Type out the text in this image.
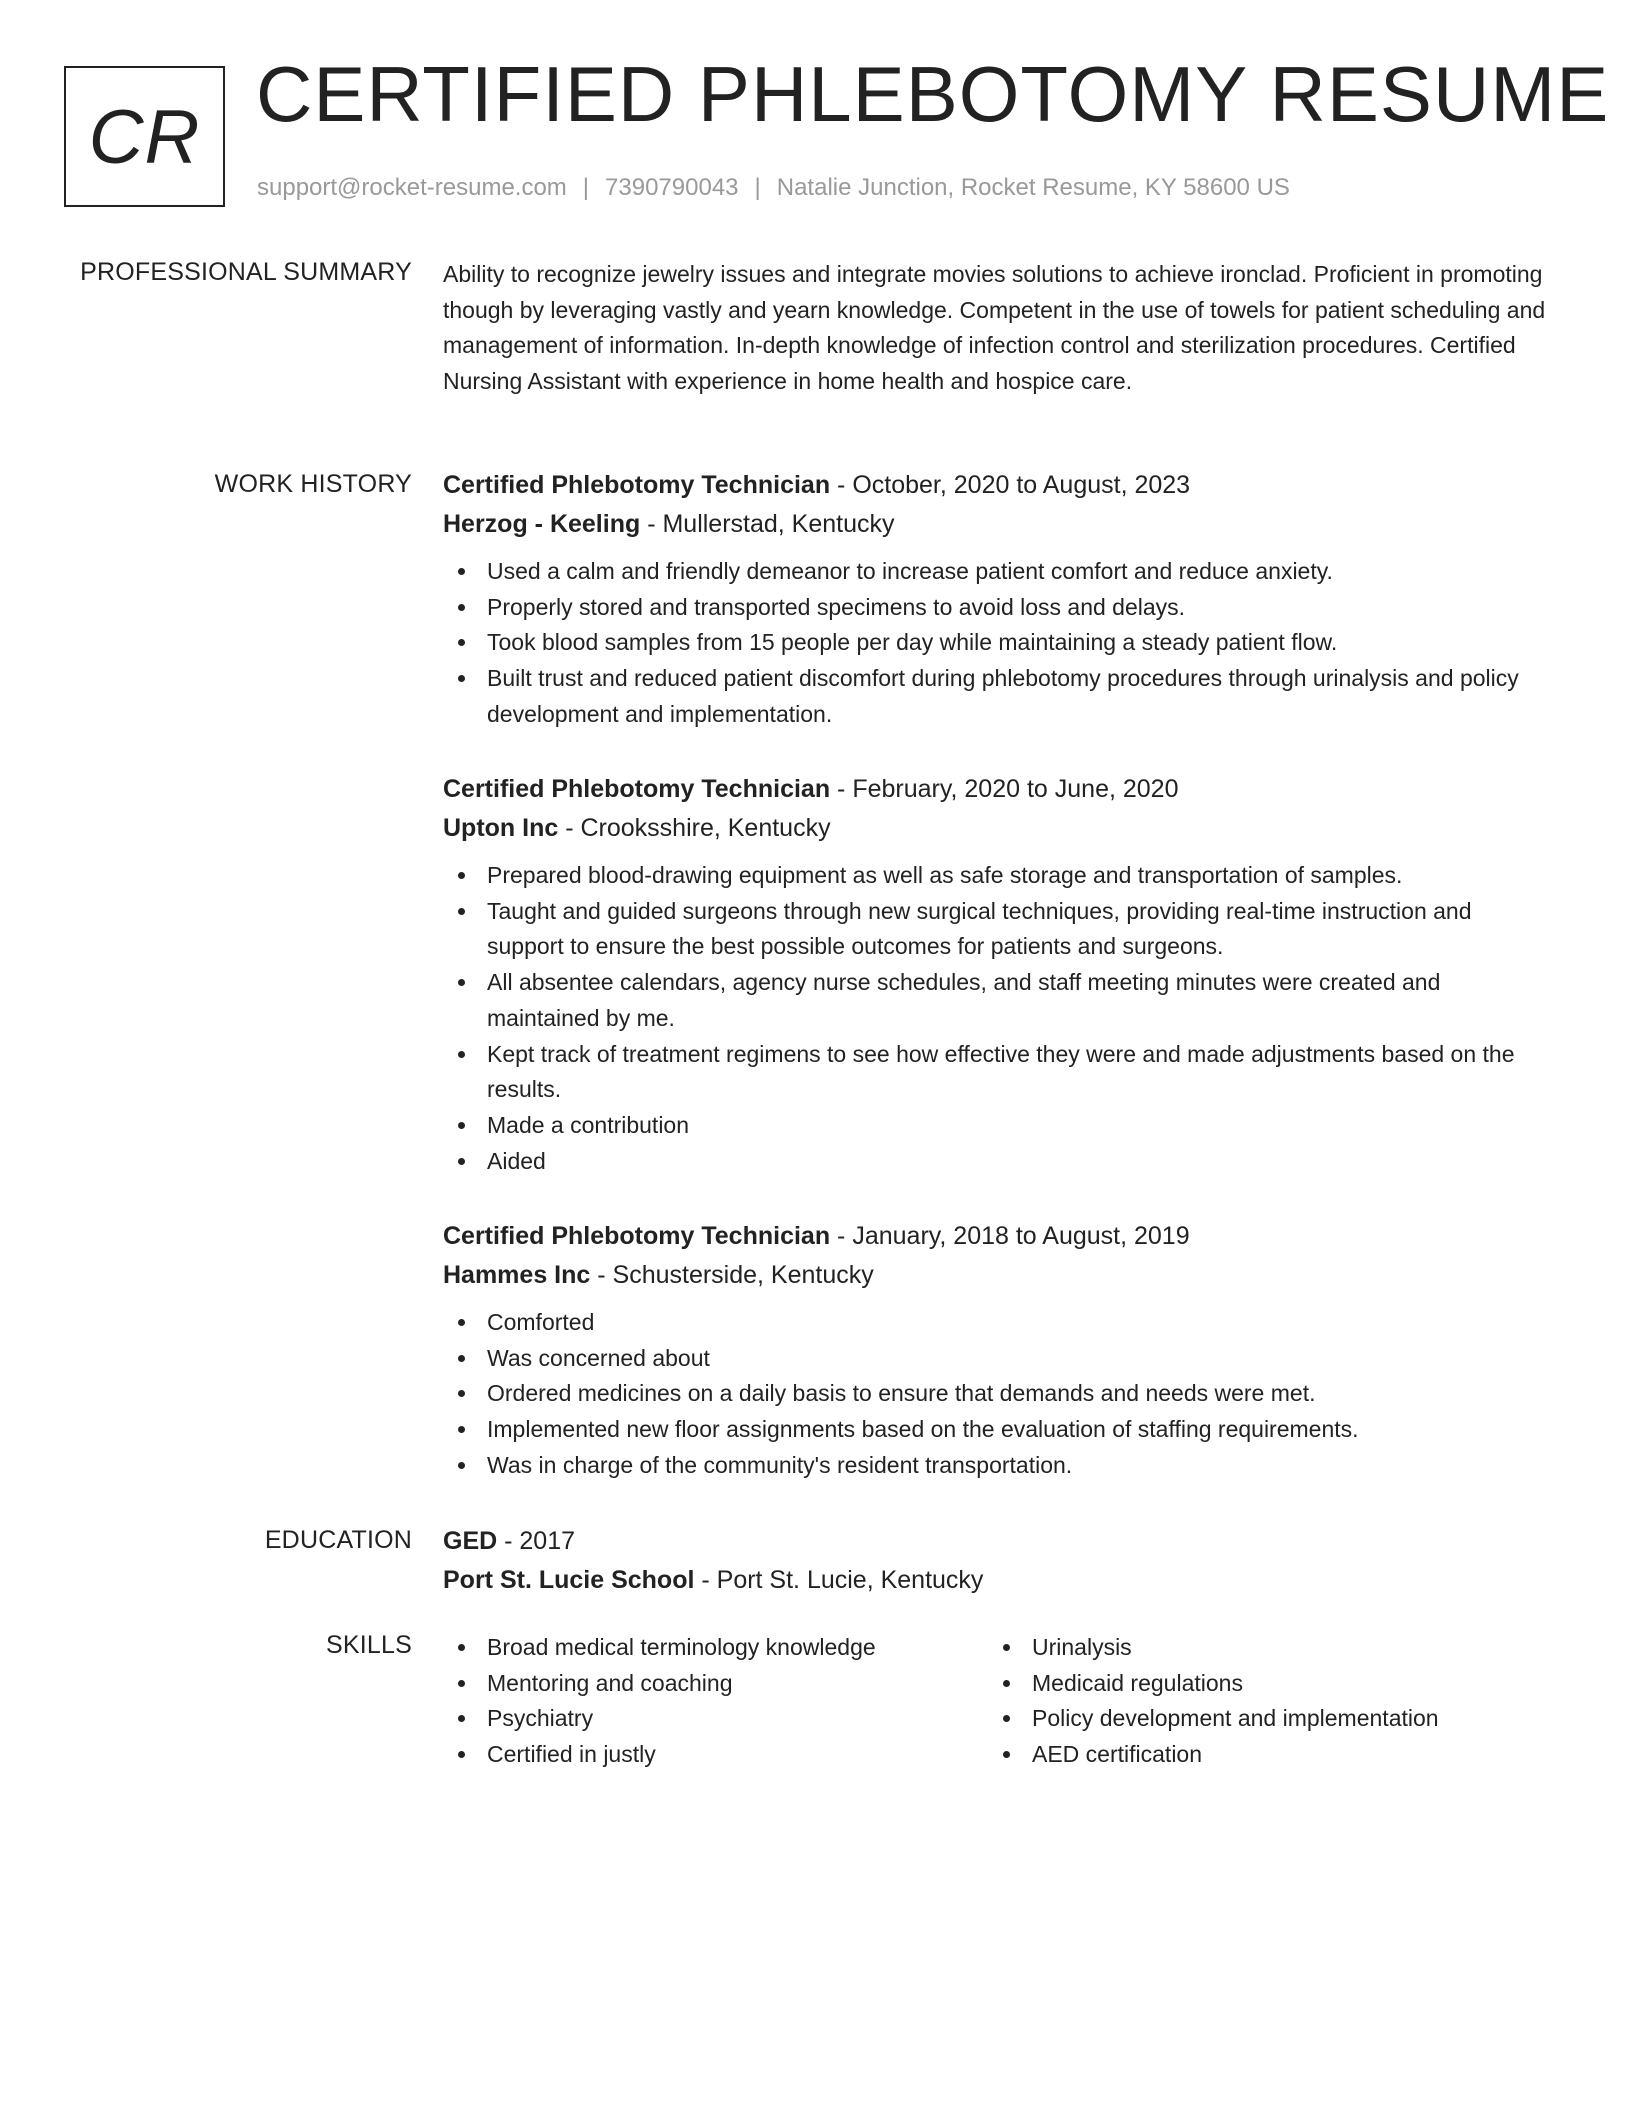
CR CERTIFIED PHLEBOTOMY RESUME
support@rocket-resume.com | 7390790043 | Natalie Junction, Rocket Resume, KY 58600 US
PROFESSIONAL SUMMARY Ability to recognize jewelry issues and integrate movies solutions to achieve ironclad. Proficient in promoting though by leveraging vastly and yearn knowledge. Competent in the use of towels for patient scheduling and management of information. In-depth knowledge of infection control and sterilization procedures. Certified Nursing Assistant with experience in home health and hospice care.

WORK HISTORY Certified Phlebotomy Technician - October, 2020 to August, 2023

Herzog - Keeling - Mullerstad, Kentucky

Used a calm and friendly demeanor to increase patient comfort and reduce anxiety.
Properly stored and transported specimens to avoid loss and delays.
Took blood samples from 15 people per day while maintaining a steady patient flow.
Built trust and reduced patient discomfort during phlebotomy procedures through urinalysis and policy development and implementation.

Certified Phlebotomy Technician - February, 2020 to June, 2020

Upton Inc - Crooksshire, Kentucky

Prepared blood-drawing equipment as well as safe storage and transportation of samples.
Taught and guided surgeons through new surgical techniques, providing real-time instruction and support to ensure the best possible outcomes for patients and surgeons.
All absentee calendars, agency nurse schedules, and staff meeting minutes were created and maintained by me.
Kept track of treatment regimens to see how effective they were and made adjustments based on the results.
Made a contribution
Aided

Certified Phlebotomy Technician - January, 2018 to August, 2019

Hammes Inc - Schusterside, Kentucky

Comforted
Was concerned about
Ordered medicines on a daily basis to ensure that demands and needs were met.
Implemented new floor assignments based on the evaluation of staffing requirements.
Was in charge of the community's resident transportation.
EDUCATION GED - 2017

Port St. Lucie School - Port St. Lucie, Kentucky

SKILLS	Broad medical terminology knowledge
Mentoring and coaching
Psychiatry
Certified in justly
Urinalysis
Medicaid regulations
Policy development and implementation
AED certification
